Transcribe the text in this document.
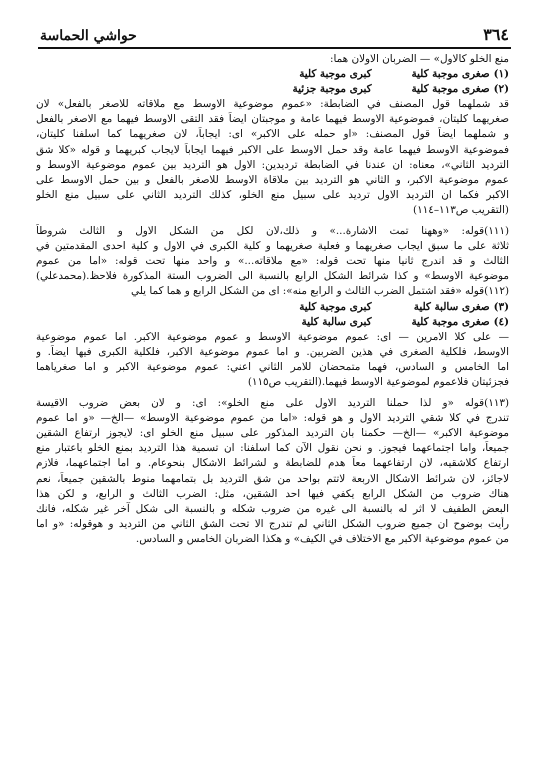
٣٦٤
حواشي الحماسة
منع الخلو كالاول» — الضربان الاولان هما:
(١)
صغرى موجبة كلية
كبرى موجبة كلية
(٢)
صغرى موجبة كلية
كبرى موجبة جزئية
قد شملهما قول المصنف في الضابطة: «عموم موضوعية الاوسط مع ملاقاته للاصغر بالفعل» لان
صغريهما كليتان، فموضوعية الاوسط فيهما عامة و موجبتان ايضاً فقد التقى الاوسط فيهما مع الاصغر بالفعل
و شملهما ايضاً قول المصنف: «او حمله على الاكبر» اى: ايجاباً، لان صغريهما كما اسلفنا كليتان،
فموضوعية الاوسط فيهما عامة وقد حمل الاوسط على الاكبر فيهما ايجاباً لايجاب كبريهما و قوله «كلا شق
الترديد الثاني»، معناه: ان عندنا في الضابطة ترديدين: الاول هو الترديد بين عموم موضوعية الاوسط و
عموم موضوعية الاكبر، و الثاني هو الترديد بين ملاقاة الاوسط للاصغر بالفعل و بين حمل الاوسط على
الاكبر فكما ان الترديد الاول ترديد على سبيل منع الخلو، كذلك الترديد الثاني على سبيل منع الخلو
(التقريب ص١١٣–١١٤)
(١١١)قوله: «وههنا تمت الاشارة...» و ذلك،لان لكل من الشكل الاول و الثالث شروطاً
ثلاثة على ما سبق ايجاب صغريهما و فعلية صغريهما و كلية الكبرى في الاول و كلية احدى المقدمتين في
الثالث و قد اندرج ثانيا منها تحت قوله: «مع ملاقاته...» و واحد منها تحت قوله: «اما من عموم
موضوعية الاوسط» و كذا شرائط الشكل الرابع بالنسبة الى الضروب الستة المذكورة فلاحظ.(محمدعلي)
(١١٢)قوله «فقد اشتمل الضرب الثالث و الرابع منه»: اى من الشكل الرابع و هما كما يلي
(٣)
صغرى سالبة كلية
كبرى موجبة كلية
(٤)
صغرى موجبة كلية
كبرى سالبة كلية
— على كلا الامرين — اى: عموم موضوعية الاوسط و عموم موضوعية الاكبر. اما عموم موضوعية
الاوسط، فلكلية الصغرى في هذين الضربين. و اما عموم موضوعية الاكبر، فلكلية الكبرى فيها ايضاً. و
اما الخامس و السادس، فهما متمحضان للامر الثاني اعني: عموم موضوعية الاكبر و اما صغرياهما
فجزئيتان فلاعموم لموضوعية الاوسط فيهما.(التقريب ص١١٥)
(١١٣)قوله «و لذا حملنا الترديد الاول على منع الخلو»: اى: و لان بعض ضروب الاقيسة
تندرج في كلا شقي الترديد الاول و هو قوله: «اما من عموم موضوعية الاوسط» —الخ— «و اما عموم
موضوعية الاكبر» —الخ— حكمنا بان الترديد المذكور على سبيل منع الخلو اى: لايجوز ارتفاع الشقين
جميعاً، واما اجتماعهما فيجوز. و نحن نقول الآن كما اسلفنا: ان تسمية هذا الترديد بمنع الخلو باعتبار منع
ارتفاع كلاشقيه، لان ارتفاعهما معاً هدم للضابطة و لشرائط الاشكال بنحوعام. و اما اجتماعهما، فلازم
لاجائز، لان شرائط الاشكال الاربعة لاتتم بواحد من شق الترديد بل بتمامهما منوط بالشقين جميعاً، نعم
هناك ضروب من الشكل الرابع يكفي فيها احد الشقين، مثل: الضرب الثالث و الرابع، و لكن هذا
البعض الطفيف لا اثر له بالنسبة الى غيره من ضروب شكله و بالنسبة الى شكل آخر غير شكله، فانك
رأيت بوضوح ان جميع ضروب الشكل الثاني لم تندرج الا تحت الشق الثاني من الترديد و هوقوله: «و اما
من عموم موضوعية الاكبر مع الاختلاف في الكيف» و هكذا الضربان الخامس و السادس.
